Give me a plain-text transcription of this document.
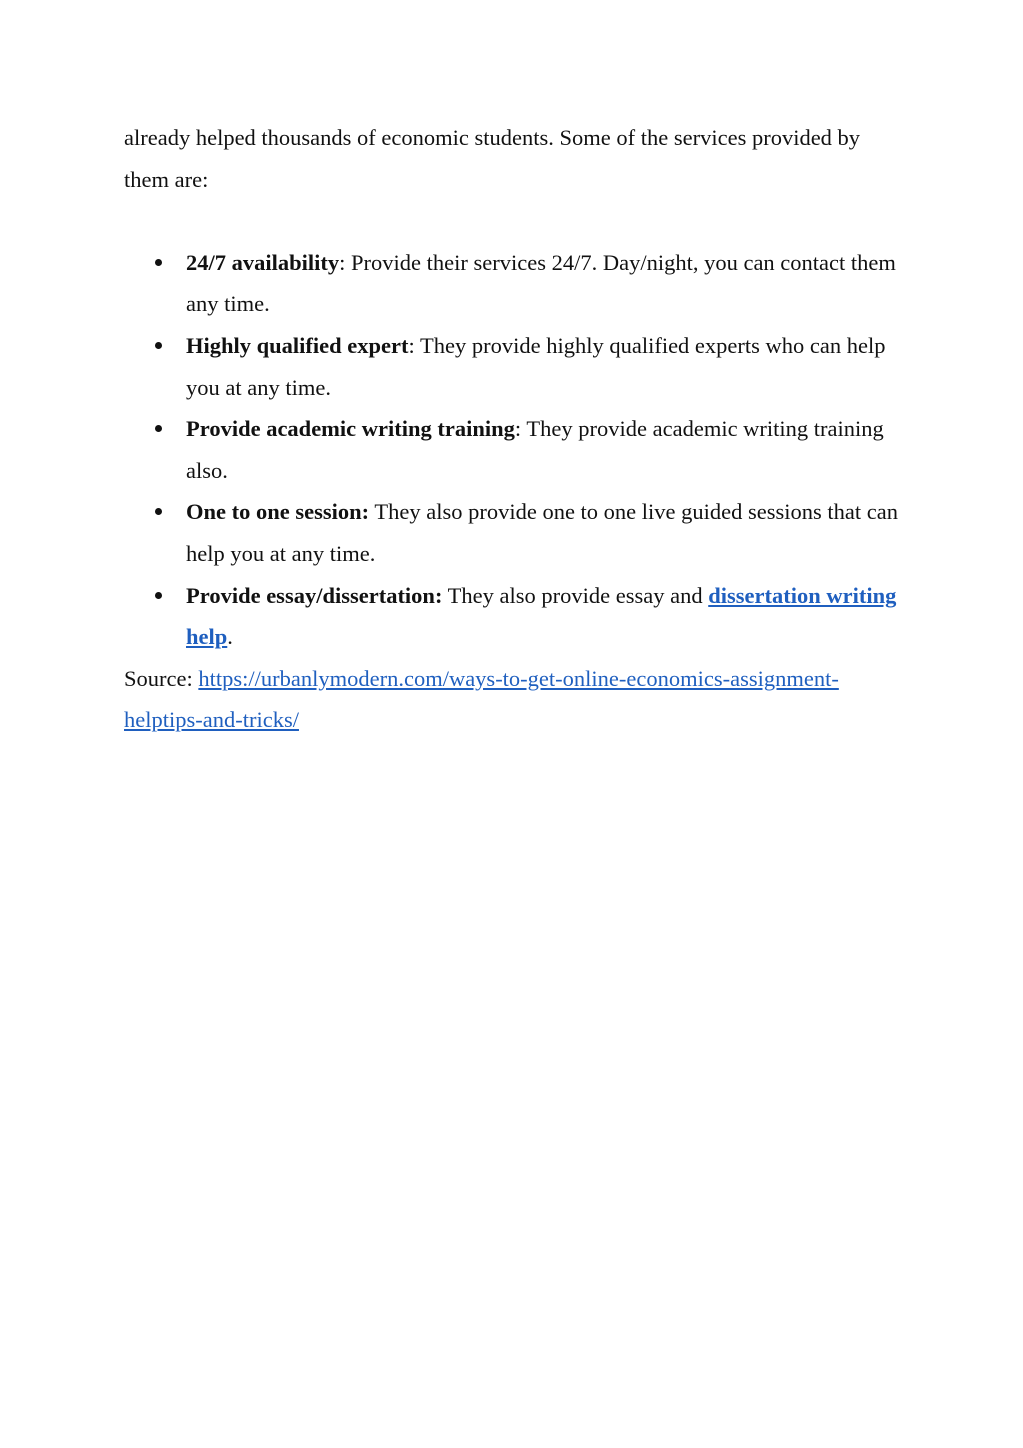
already helped thousands of economic students. Some of the services provided by them are:

24/7 availability: Provide their services 24/7. Day/night, you can contact them any time.
Highly qualified expert: They provide highly qualified experts who can help you at any time.
Provide academic writing training: They provide academic writing training also.
One to one session: They also provide one to one live guided sessions that can help you at any time.
Provide essay/dissertation: They also provide essay and dissertation writing help.

Source: https://urbanlymodern.com/ways-to-get-online-economics-assignment-helptips-and-tricks/
